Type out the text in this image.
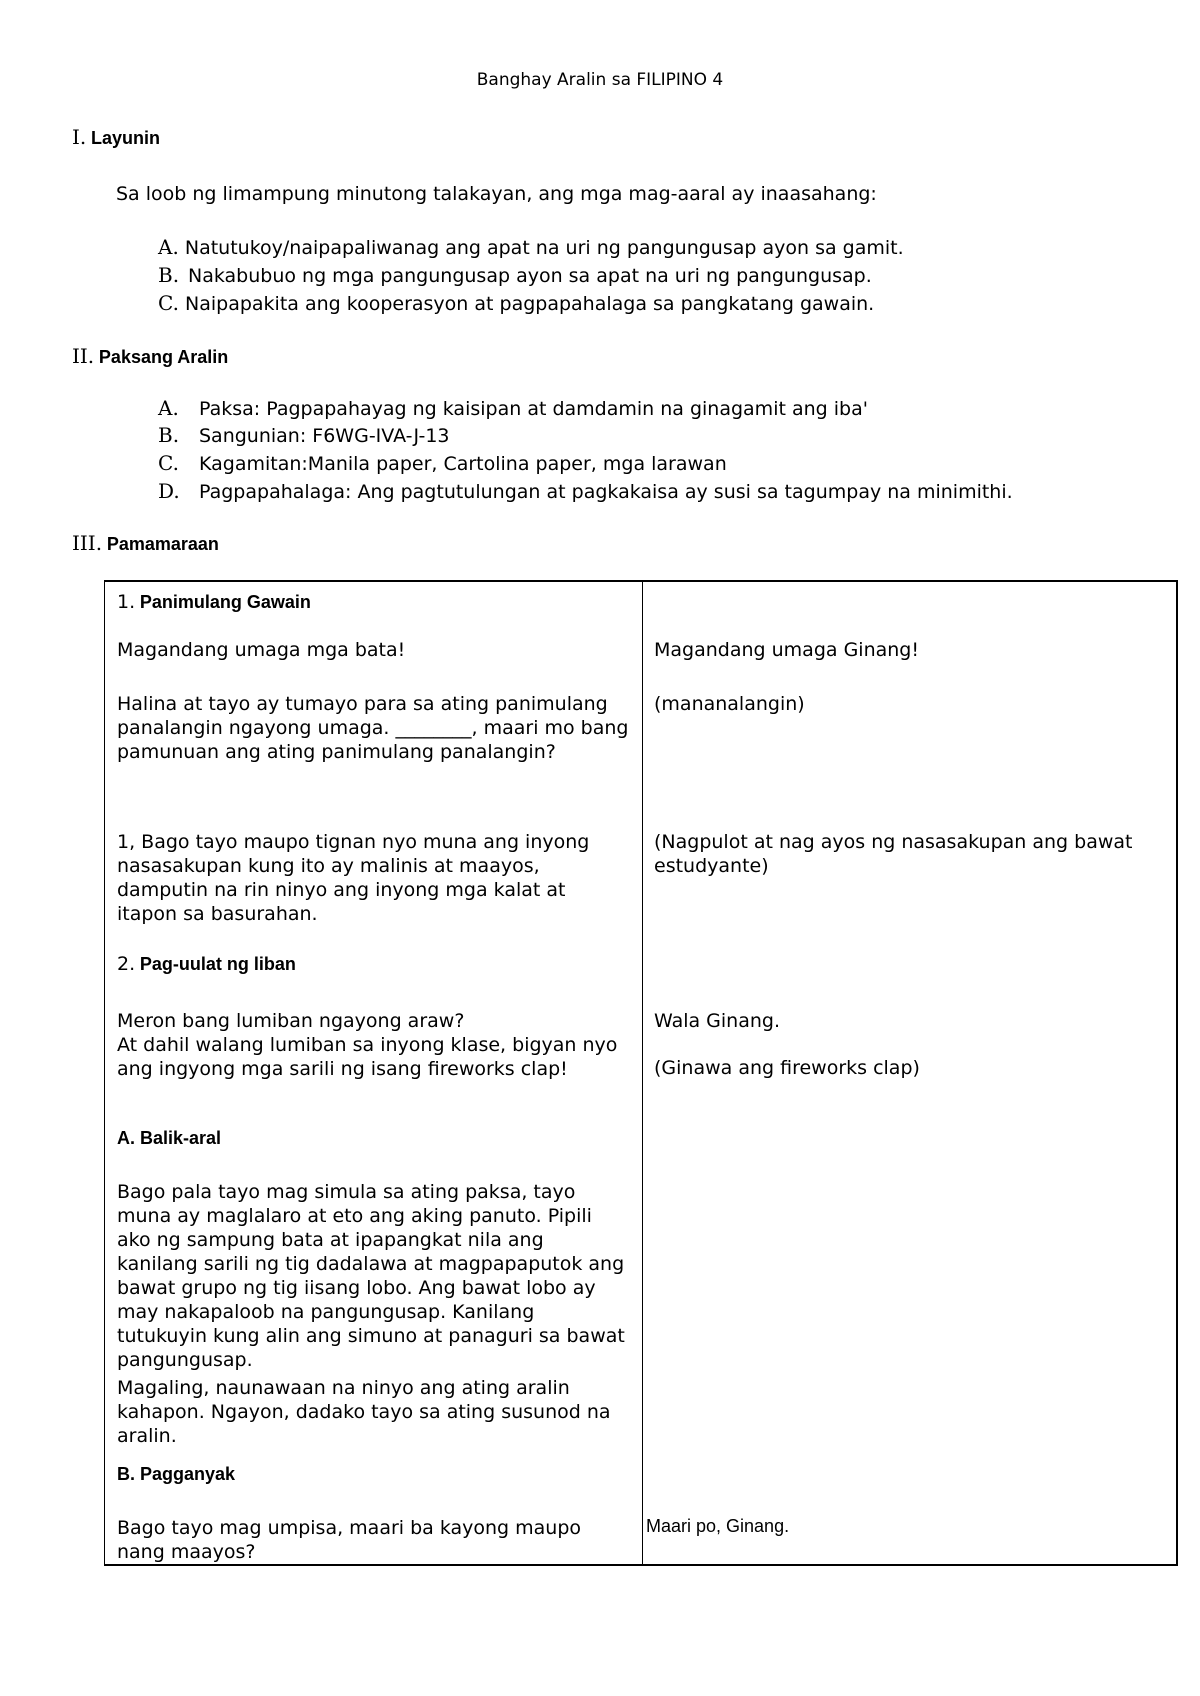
Banghay Aralin sa FILIPINO 4
I. Layunin
Sa loob ng limampung minutong talakayan, ang mga mag-aaral ay inaasahang:
A. Natutukoy/naipapaliwanag ang apat na uri ng pangungusap ayon sa gamit.
B. Nakabubuo ng mga pangungusap ayon sa apat na uri ng pangungusap.
C. Naipapakita ang kooperasyon at pagpapahalaga sa pangkatang gawain.
II. Paksang Aralin
A. Paksa: Pagpapahayag ng kaisipan at damdamin na ginagamit ang iba'
B. Sangunian: F6WG-IVA-J-13
C. Kagamitan:Manila paper, Cartolina paper, mga larawan
D. Pagpapahalaga: Ang pagtutulungan at pagkakaisa ay susi sa tagumpay na minimithi.
III. Pamamaraan
1. Panimulang Gawain
Magandang umaga mga bata!
Halina at tayo ay tumayo para sa ating panimulang panalangin ngayong umaga. ________, maari mo bang pamunuan ang ating panimulang panalangin?
1, Bago tayo maupo tignan nyo muna ang inyong nasasakupan kung ito ay malinis at maayos, damputin na rin ninyo ang inyong mga kalat at itapon sa basurahan.
2. Pag-uulat ng liban
Meron bang lumiban ngayong araw?
At dahil walang lumiban sa inyong klase, bigyan nyo ang ingyong mga sarili ng isang fireworks clap!
A. Balik-aral
Bago pala tayo mag simula sa ating paksa, tayo muna ay maglalaro at eto ang aking panuto. Pipili ako ng sampung bata at ipapangkat nila ang kanilang sarili ng tig dadalawa at magpapaputok ang bawat grupo ng tig iisang lobo. Ang bawat lobo ay may nakapaloob na pangungusap. Kanilang tutukuyin kung alin ang simuno at panaguri sa bawat pangungusap.
Magaling, naunawaan na ninyo ang ating aralin kahapon. Ngayon, dadako tayo sa ating susunod na aralin.
B. Pagganyak
Bago tayo mag umpisa, maari ba kayong maupo nang maayos?
Magandang umaga Ginang!
(mananalangin)
(Nagpulot at nag ayos ng nasasakupan ang bawat estudyante)
Wala Ginang.
(Ginawa ang fireworks clap)
Maari po, Ginang.
